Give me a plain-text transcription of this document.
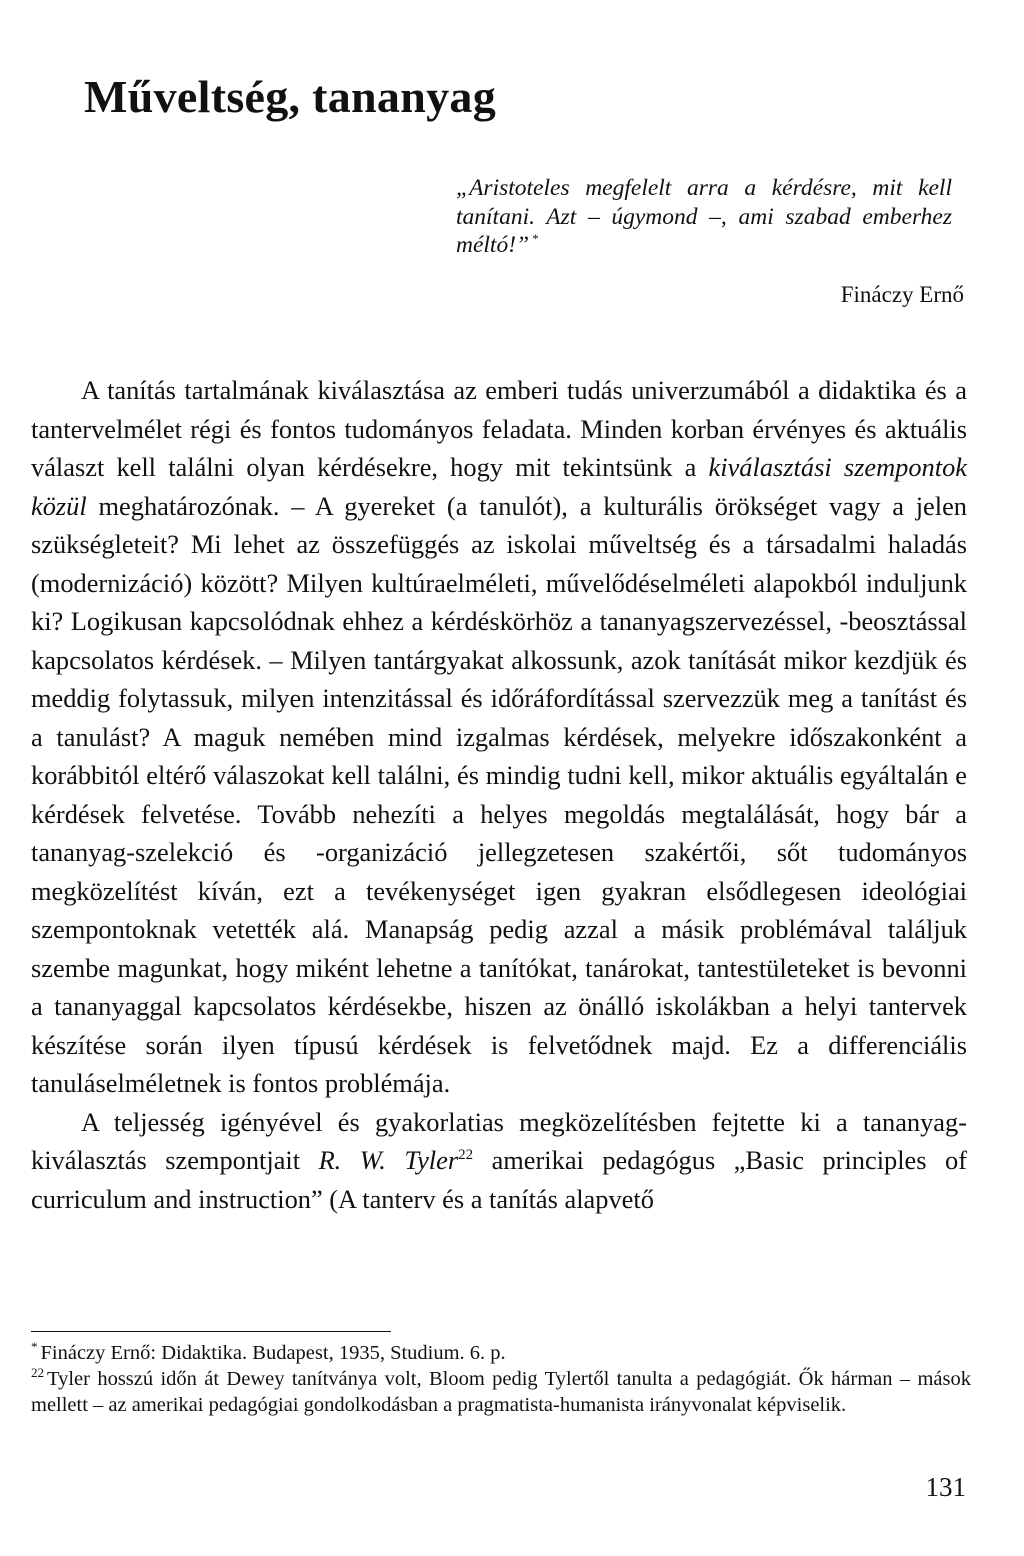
Műveltség, tananyag
„Aristoteles megfelelt arra a kérdésre, mit kell tanítani. Azt – úgymond –, ami szabad emberhez méltó!” *
Fináczy Ernő

A tanítás tartalmának kiválasztása az emberi tudás univerzumából a didaktika és a tantervelmélet régi és fontos tudományos feladata. Minden korban érvényes és aktuális választ kell találni olyan kérdésekre, hogy mit tekintsünk a kiválasztási szempontok közül meghatározónak. – A gyereket (a tanulót), a kulturális örökséget vagy a jelen szükségleteit? Mi lehet az összefüggés az iskolai műveltség és a társadalmi haladás (modernizáció) között? Milyen kultúraelméleti, művelődéselméleti alapokból induljunk ki? Logikusan kapcsolódnak ehhez a kérdéskörhöz a tananyagszervezéssel, -beosztással kapcsolatos kérdések. – Milyen tantárgyakat alkossunk, azok tanítását mikor kezdjük és meddig folytassuk, milyen intenzitással és időráfordítással szervezzük meg a tanítást és a tanulást? A maguk nemében mind izgalmas kérdések, melyekre időszakonként a korábbitól eltérő válaszokat kell találni, és mindig tudni kell, mikor aktuális egyáltalán e kérdések felvetése. Tovább nehezíti a helyes megoldás megtalálását, hogy bár a tananyag-szelekció és -organizáció jellegzetesen szakértői, sőt tudományos megközelítést kíván, ezt a tevékenységet igen gyakran elsődlegesen ideológiai szempontoknak vetették alá. Manapság pedig azzal a másik problémával találjuk szembe magunkat, hogy miként lehetne a tanítókat, tanárokat, tantestületeket is bevonni a tananyaggal kapcsolatos kérdésekbe, hiszen az önálló iskolákban a helyi tantervek készítése során ilyen típusú kérdések is felvetődnek majd. Ez a differenciális tanuláselméletnek is fontos problémája.

A teljesség igényével és gyakorlatias megközelítésben fejtette ki a tananyag-kiválasztás szempontjait R. W. Tyler$^{22}$ amerikai pedagógus „Basic principles of curriculum and instruction” (A tanterv és a tanítás alapvető

* Fináczy Ernő: Didaktika. Budapest, 1935, Studium. 6. p.

$^{22}$ Tyler hosszú időn át Dewey tanítványa volt, Bloom pedig Tylertől tanulta a pedagógiát. Ők hárman – mások mellett – az amerikai pedagógiai gondolkodásban a pragmatista-humanista irányvonalat képviselik.

131
